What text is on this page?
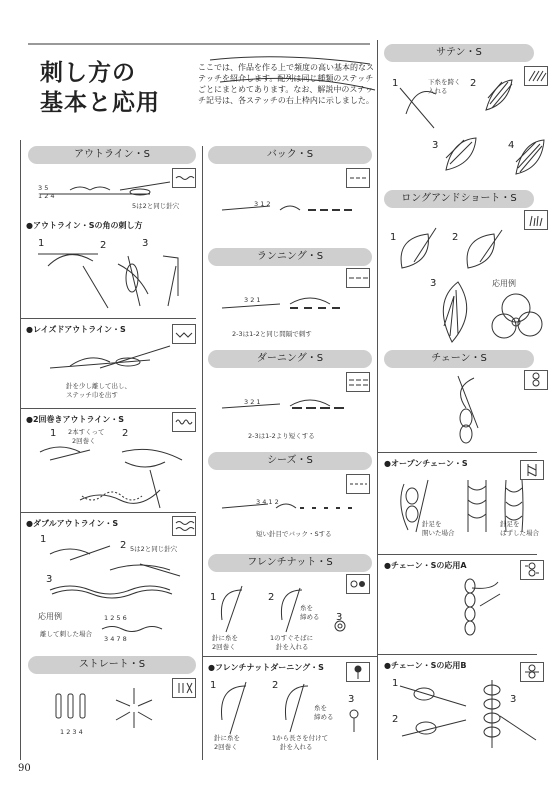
刺し方の
基本と応用
ここでは、作品を作る上で頻度の高い基本的なステッチを紹介します。配列は同じ種類のステッチごとにまとめてあります。なお、解説中のステッチ記号は、各ステッチの右上枠内に示しました。
アウトライン・S
3 5
1 2 4
5は2と同じ針穴
●アウトライン・Sの角の刺し方
1	2	3
●レイズドアウトライン・S
針を少し離して出し、
ステッチ巾を出す
●2回巻きアウトライン・S
1 2本すくって
2回巻く
2
●ダブルアウトライン・S
1
2 5は2と同じ針穴
3
応用例	1 2 5 6
離して刺した場合
3 4 7 8
ストレート・S
1 2 3 4
バック・S
3 1 2
ランニング・S
3 2 1
2-3は1-2と同じ間隔で刺す
ダーニング・S
3 2 1
2-3は1-2より短くする
シーズ・S
3 4 1 2
短い針目でバック・Sする
フレンチナット・S
1	2
3
針に糸を
2回巻く
糸を
締める
1のすぐそばに
針を入れる
●フレンチナットダーニング・S
1	2
3
針に糸を
2回巻く
糸を
締める
1から長さを付けて
針を入れる
サテン・S
1	下糸を跨く
入れる
2
3	4
ロングアンドショート・S
1	2
3	応用例
チェーン・S
●オープンチェーン・S
針足を
開いた場合
針足を
はずした場合
●チェーン・Sの応用A
●チェーン・Sの応用B
1
2
3
90
